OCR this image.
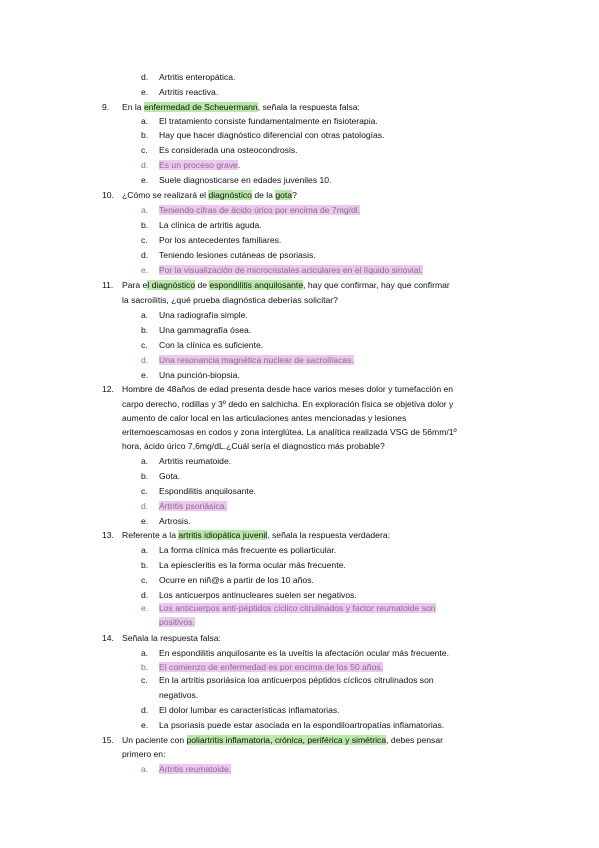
d. Artritis enteropática.
e. Artritis reactiva.
9. En la enfermedad de Scheuermann, señala la respuesta falsa:
a. El tratamiento consiste fundamentalmente en fisioterapia.
b. Hay que hacer diagnóstico diferencial con otras patologías.
c. Es considerada una osteocondrosis.
d. Es un proceso grave.
e. Suele diagnosticarse en edades juveniles 10.
10. ¿Cómo se realizará el diagnóstico de la gota?
a. Teniendo cifras de ácido úrico por encima de 7mg/dl.
b. La clínica de artritis aguda.
c. Por los antecedentes familiares.
d. Teniendo lesiones cutáneas de psoriasis.
e. Por la visualización de microcristales aciculares en el líquido sinovial.
11. Para el diagnóstico de espondilitis anquilosante, hay que confirmar, hay que confirmar
la sacroilitis, ¿qué prueba diagnóstica deberías solicitar?
a. Una radiografía simple.
b. Una gammagrafía ósea.
c. Con la clínica es suficiente.
d. Una resonancia magnética nuclear de sacroilíacas.
e. Una punción-biopsia.
12. Hombre de 48años de edad presenta desde hace varios meses dolor y tumefacción en
carpo derecho, rodillas y 3º dedo en salchicha. En exploración física se objetiva dolor y
aumento de calor local en las articulaciones antes mencionadas y lesiones
eritemoescamosas en codos y zona interglútea. La analítica realizada VSG de 56mm/1º
hora, ácido úrico 7,6mg/dL.¿Cuál sería el diagnostico más probable?
a. Artritis reumatoide.
b. Gota.
c. Espondilitis anquilosante.
d. Artritis psoriásica.
e. Artrosis.
13. Referente a la artritis idiopática juvenil, señala la respuesta verdadera:
a. La forma clínica más frecuente es poliarticular.
b. La epiescleritis es la forma ocular más frecuente.
c. Ocurre en niñ@s a partir de los 10 años.
d. Los anticuerpos antinucleares suelen ser negativos.
e. Los anticuerpos anti-péptidos cíclico citrulinados y factor reumatoide son
positivos.
14. Señala la respuesta falsa:
a. En espondilitis anquilosante es la uveítis la afectación ocular más frecuente.
b. El comienzo de enfermedad es por encima de los 50 años.
c. En la artritis psoriásica loa anticuerpos péptidos cíclicos citrulinados son
negativos.
d. El dolor lumbar es características inflamatorias.
e. La psoriasis puede estar asociada en la espondiloartropatías inflamatorias.
15. Un paciente con poliartritis inflamatoria, crónica, periférica y simétrica, debes pensar
primero en:
a. Artritis reumatoide.
